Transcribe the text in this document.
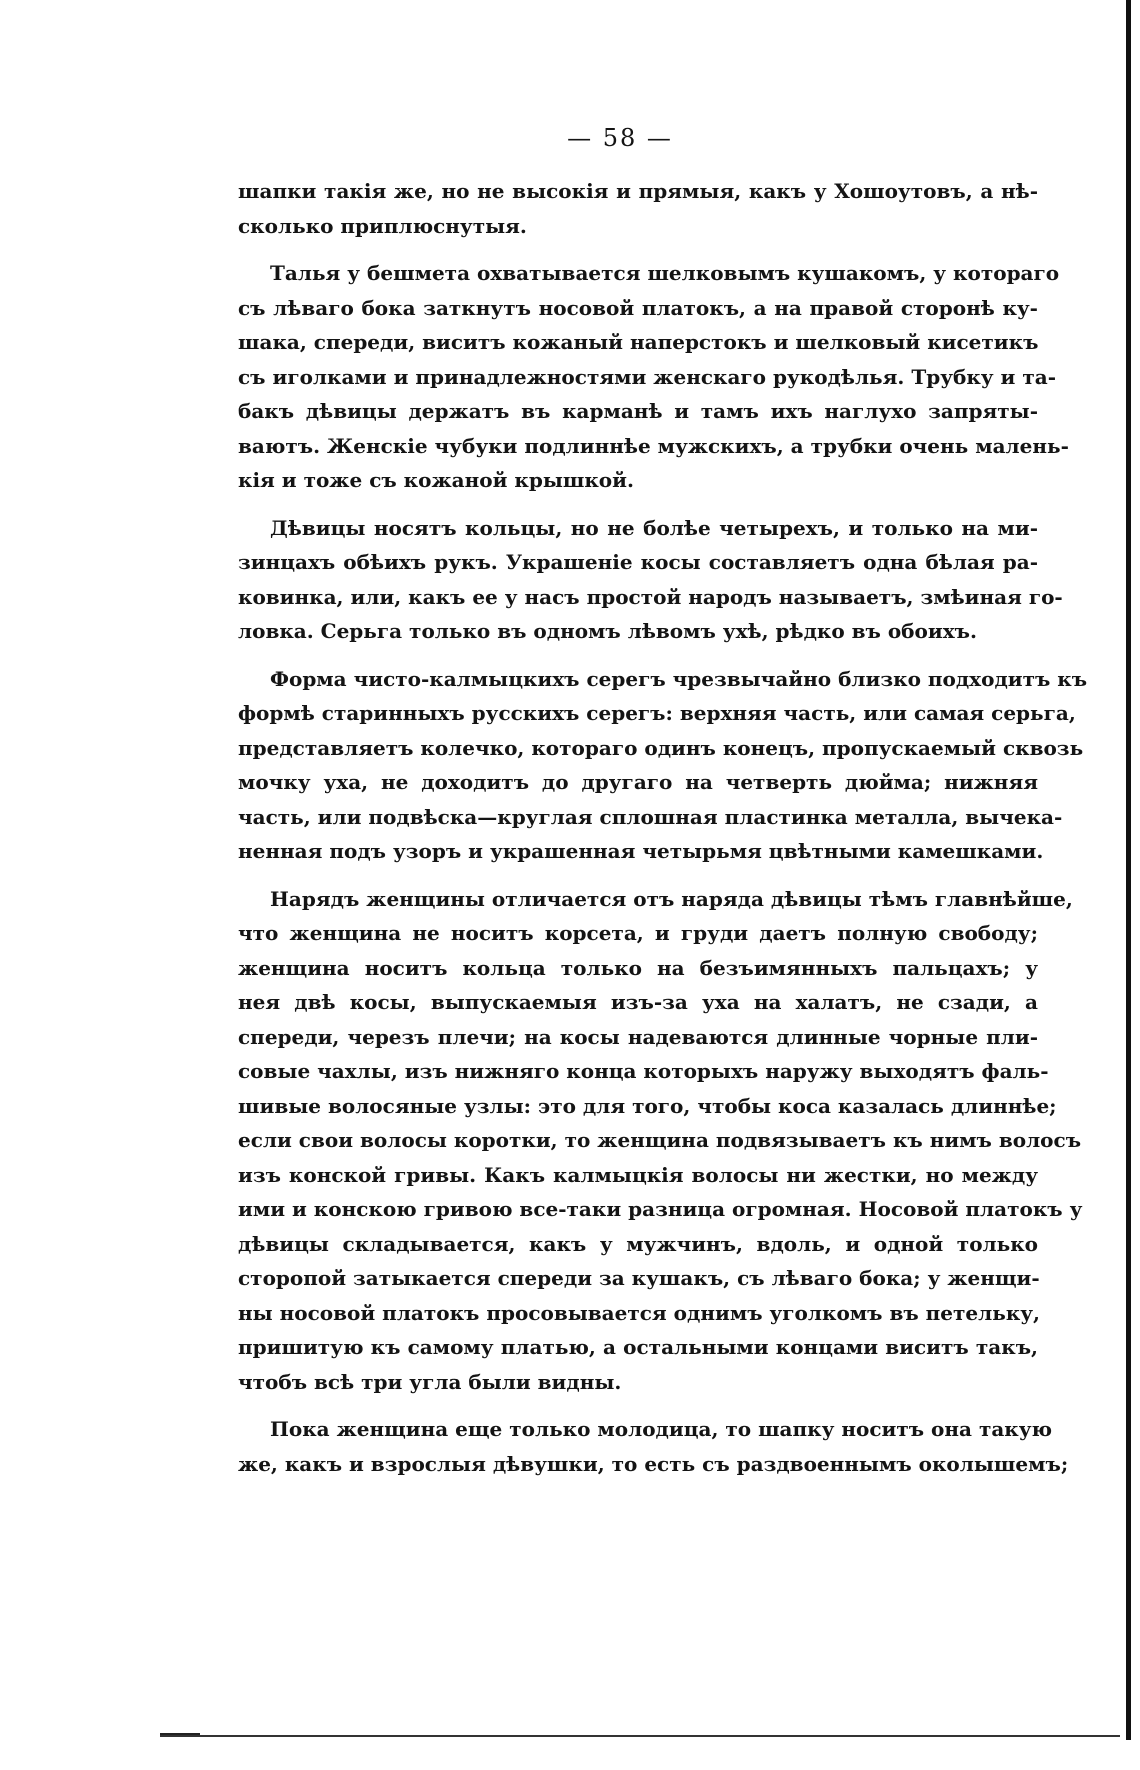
— 58 —

шапки такія же, но не высокія и прямыя, какъ у Хошоутовъ, а нѣ-
сколько приплюснутыя.

Талья у бешмета охватывается шелковымъ кушакомъ, у котораго
съ лѣваго бока заткнутъ носовой платокъ, а на правой сторонѣ ку-
шака, спереди, виситъ кожаный наперстокъ и шелковый кисетикъ
съ иголками и принадлежностями женскаго рукодѣлья. Трубку и та-
бакъ дѣвицы держатъ въ карманѣ и тамъ ихъ наглухо запряты-
ваютъ. Женскіе чубуки подлиннѣе мужскихъ, а трубки очень малень-
кія и тоже съ кожаной крышкой.

Дѣвицы носятъ кольцы, но не болѣе четырехъ, и только на ми-
зинцахъ обѣихъ рукъ. Украшеніе косы составляетъ одна бѣлая ра-
ковинка, или, какъ ее у насъ простой народъ называетъ, змѣиная го-
ловка. Серьга только въ одномъ лѣвомъ ухѣ, рѣдко въ обоихъ.

Форма чисто-калмыцкихъ серегъ чрезвычайно близко подходитъ къ
формѣ старинныхъ русскихъ серегъ: верхняя часть, или самая серьга,
представляетъ колечко, котораго одинъ конецъ, пропускаемый сквозь
мочку уха, не доходитъ до другаго на четверть дюйма; нижняя
часть, или подвѣска—круглая сплошная пластинка металла, вычека-
ненная подъ узоръ и украшенная четырьмя цвѣтными камешками.

Нарядъ женщины отличается отъ наряда дѣвицы тѣмъ главнѣйше,
что женщина не носитъ корсета, и груди даетъ полную свободу;
женщина носитъ кольца только на безъимянныхъ пальцахъ; у
нея двѣ косы, выпускаемыя изъ-за уха на халатъ, не сзади, а
спереди, черезъ плечи; на косы надеваются длинные чорные пли-
совые чахлы, изъ нижняго конца которыхъ наружу выходятъ фаль-
шивые волосяные узлы: это для того, чтобы коса казалась длиннѣе;
если свои волосы коротки, то женщина подвязываетъ къ нимъ волосъ
изъ конской гривы. Какъ калмыцкія волосы ни жестки, но между
ими и конскою гривою все-таки разница огромная. Носовой платокъ у
дѣвицы складывается, какъ у мужчинъ, вдоль, и одной только
сторопой затыкается спереди за кушакъ, съ лѣваго бока; у женщи-
ны носовой платокъ просовывается однимъ уголкомъ въ петельку,
пришитую къ самому платью, а остальными концами виситъ такъ,
чтобъ всѣ три угла были видны.

Пока женщина еще только молодица, то шапку носитъ она такую
же, какъ и взрослыя дѣвушки, то есть съ раздвоеннымъ околышемъ;
